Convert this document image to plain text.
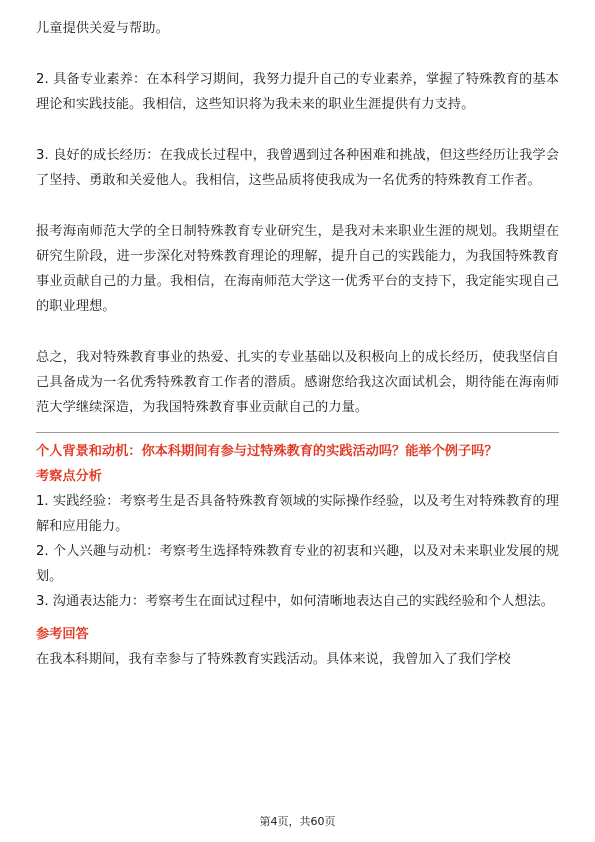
儿童提供关爱与帮助。

2. 具备专业素养：在本科学习期间，我努力提升自己的专业素养，掌握了特殊教育的基本理论和实践技能。我相信，这些知识将为我未来的职业生涯提供有力支持。

3. 良好的成长经历：在我成长过程中，我曾遇到过各种困难和挑战，但这些经历让我学会了坚持、勇敢和关爱他人。我相信，这些品质将使我成为一名优秀的特殊教育工作者。

报考海南师范大学的全日制特殊教育专业研究生，是我对未来职业生涯的规划。我期望在研究生阶段，进一步深化对特殊教育理论的理解，提升自己的实践能力，为我国特殊教育事业贡献自己的力量。我相信，在海南师范大学这一优秀平台的支持下，我定能实现自己的职业理想。

总之，我对特殊教育事业的热爱、扎实的专业基础以及积极向上的成长经历，使我坚信自己具备成为一名优秀特殊教育工作者的潜质。感谢您给我这次面试机会，期待能在海南师范大学继续深造，为我国特殊教育事业贡献自己的力量。

个人背景和动机：你本科期间有参与过特殊教育的实践活动吗？能举个例子吗？

考察点分析

1. 实践经验：考察考生是否具备特殊教育领域的实际操作经验，以及考生对特殊教育的理解和应用能力。

2. 个人兴趣与动机：考察考生选择特殊教育专业的初衷和兴趣，以及对未来职业发展的规划。

3. 沟通表达能力：考察考生在面试过程中，如何清晰地表达自己的实践经验和个人想法。

参考回答

在我本科期间，我有幸参与了特殊教育实践活动。具体来说，我曾加入了我们学校

第4页，共60页
